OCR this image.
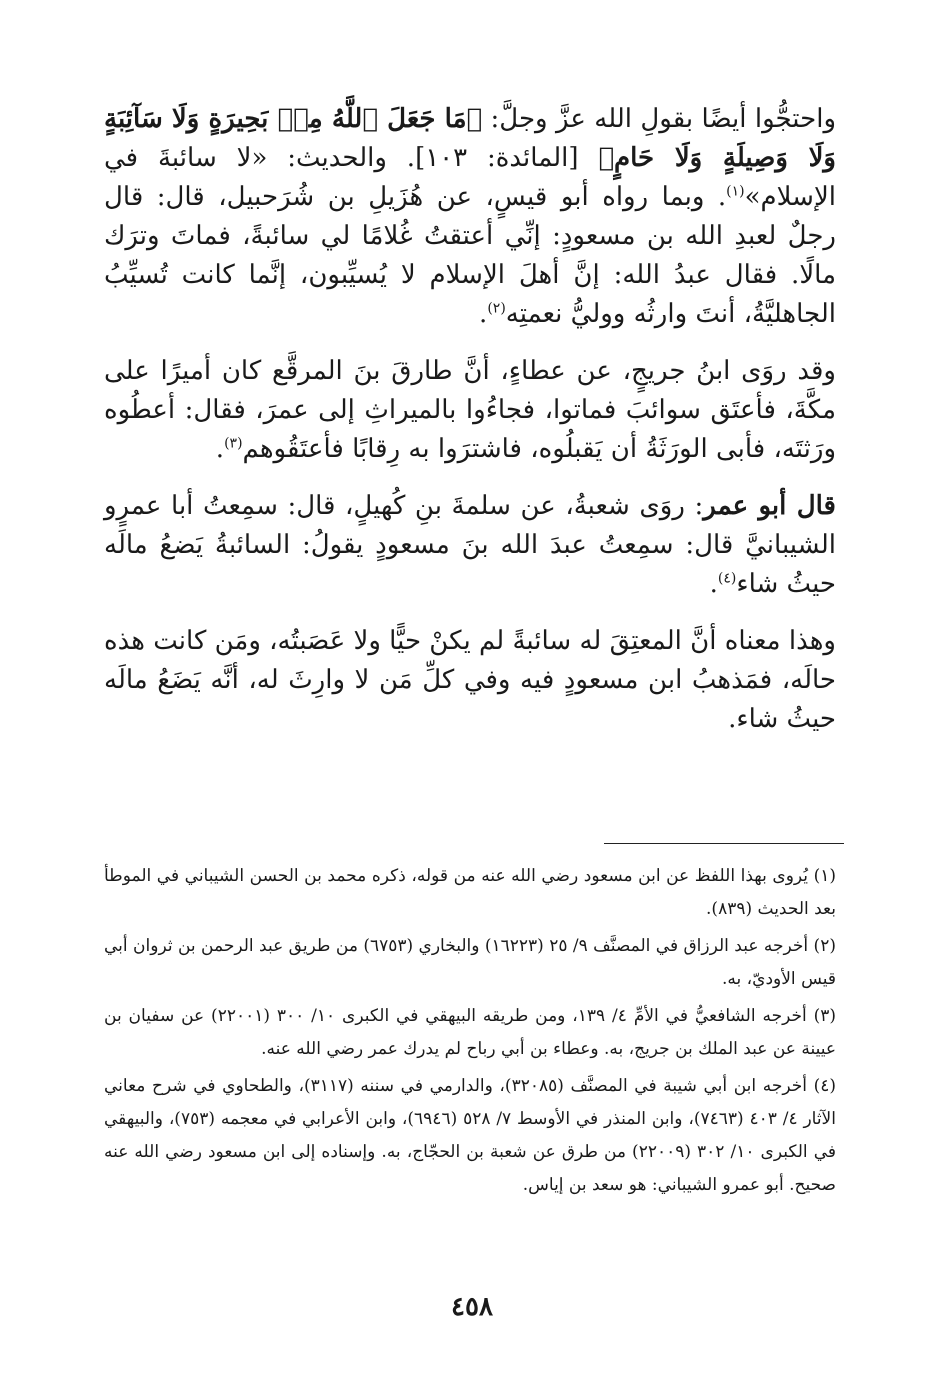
واحتجُّوا أيضًا بقولِ الله عزَّ وجلَّ: ﴿مَا جَعَلَ ٱللَّهُ مِنۢ بَحِيرَةٍ وَلَا سَآئِبَةٍ وَلَا وَصِيلَةٍ وَلَا حَامٍ﴾ [المائدة: ١٠٣]. والحديث: «لا سائبةَ في الإسلام»$^{(١)}$. وبما رواه أبو قيسٍ، عن هُزَيلِ بن شُرَحبيل، قال: قال رجلٌ لعبدِ الله بن مسعودٍ: إنِّي أعتقتُ غُلامًا لي سائبةً، فماتَ وترَك مالًا. فقال عبدُ الله: إنَّ أهلَ الإسلام لا يُسيِّبون، إنَّما كانت تُسيِّبُ الجاهليَّةُ، أنتَ وارثُه ووليُّ نعمتِه$^{(٢)}$.

وقد روَى ابنُ جريجٍ، عن عطاءٍ، أنَّ طارقَ بنَ المرقَّع كان أميرًا على مكَّةَ، فأعتَق سوائبَ فماتوا، فجاءُوا بالميراثِ إلى عمرَ، فقال: أعطُوه ورَثتَه، فأبى الورَثَةُ أن يَقبلُوه، فاشترَوا به رِقابًا فأعتَقُوهم$^{(٣)}$.

قال أبو عمر: روَى شعبةُ، عن سلمةَ بنِ كُهيلٍ، قال: سمِعتُ أبا عمرٍو الشيبانيَّ قال: سمِعتُ عبدَ الله بنَ مسعودٍ يقولُ: السائبةُ يَضعُ مالَه حيثُ شاء$^{(٤)}$.

وهذا معناه أنَّ المعتِقَ له سائبةً لم يكنْ حيًّا ولا عَصَبتُه، ومَن كانت هذه حالَه، فمَذهبُ ابن مسعودٍ فيه وفي كلِّ مَن لا وارِثَ له، أنَّه يَضَعُ مالَه حيثُ شاء.

(١) يُروى بهذا اللفظ عن ابن مسعود رضي الله عنه من قوله، ذكره محمد بن الحسن الشيباني في الموطأ بعد الحديث (٨٣٩).

(٢) أخرجه عبد الرزاق في المصنَّف ٩/ ٢٥ (١٦٢٢٣) والبخاري (٦٧٥٣) من طريق عبد الرحمن بن ثروان أبي قيس الأوديّ، به.

(٣) أخرجه الشافعيُّ في الأمِّ ٤/ ١٣٩، ومن طريقه البيهقي في الكبرى ١٠/ ٣٠٠ (٢٢٠٠١) عن سفيان بن عيينة عن عبد الملك بن جريج، به. وعطاء بن أبي رباح لم يدرك عمر رضي الله عنه.

(٤) أخرجه ابن أبي شيبة في المصنَّف (٣٢٠٨٥)، والدارمي في سننه (٣١١٧)، والطحاوي في شرح معاني الآثار ٤/ ٤٠٣ (٧٤٦٣)، وابن المنذر في الأوسط ٧/ ٥٢٨ (٦٩٤٦)، وابن الأعرابي في معجمه (٧٥٣)، والبيهقي في الكبرى ١٠/ ٣٠٢ (٢٢٠٠٩) من طرق عن شعبة بن الحجّاج، به. وإسناده إلى ابن مسعود رضي الله عنه صحيح. أبو عمرو الشيباني: هو سعد بن إياس.

٤٥٨
